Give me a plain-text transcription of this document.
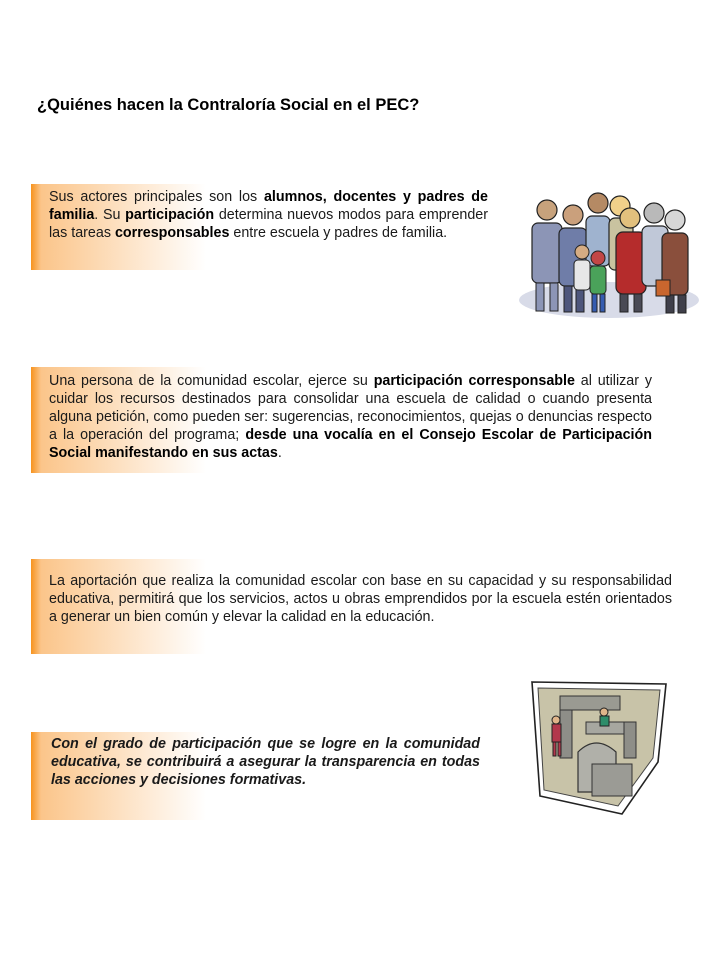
¿Quiénes hacen la Contraloría Social en el PEC?
Sus actores principales son los alumnos, docentes y padres de familia. Su participación determina nuevos modos para emprender las tareas corresponsables entre escuela y padres de familia.
Una persona de la comunidad escolar, ejerce su participación corresponsable al utilizar y cuidar los recursos destinados para consolidar una escuela de calidad o cuando presenta alguna petición, como pueden ser: sugerencias, reconocimientos, quejas o denuncias respecto a la operación del programa; desde una vocalía en el Consejo Escolar de Participación Social manifestando en sus actas.
La aportación que realiza la comunidad escolar con base en su capacidad y su responsabilidad educativa, permitirá que los servicios, actos u obras emprendidos por la escuela estén orientados a generar un bien común y elevar la calidad en la educación.
Con el grado de participación que se logre en la comunidad educativa, se contribuirá a asegurar la transparencia en todas las acciones y decisiones formativas.
